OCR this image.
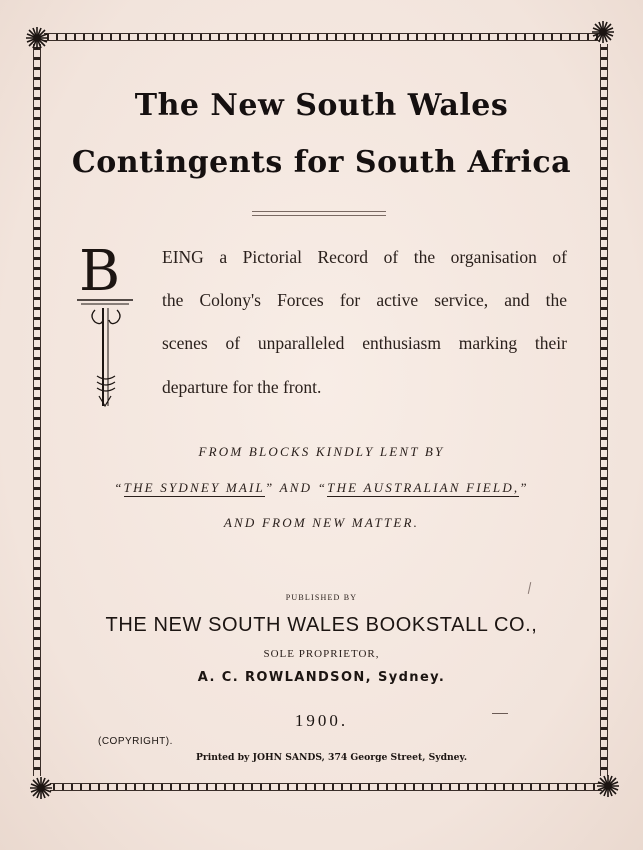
The New South Wales
Contingents for South Africa
B EING a Pictorial Record of the organisation of
the Colony's Forces for active service, and the
scenes of unparalleled enthusiasm marking their
departure for the front.
FROM BLOCKS KINDLY LENT BY
“THE SYDNEY MAIL” AND “THE AUSTRALIAN FIELD,”
AND FROM NEW MATTER.
PUBLISHED BY
THE NEW SOUTH WALES BOOKSTALL CO.,
SOLE PROPRIETOR,
A. C. ROWLANDSON, Sydney.
1900.
(COPYRIGHT).
Printed by JOHN SANDS, 374 George Street, Sydney.
